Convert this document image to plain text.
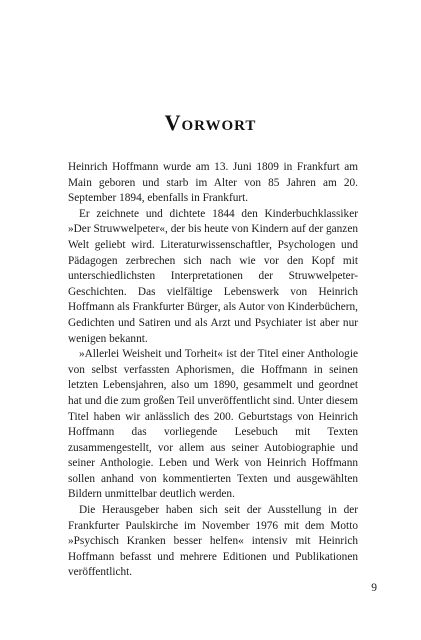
Vorwort

Heinrich Hoffmann wurde am 13. Juni 1809 in Frankfurt am Main geboren und starb im Alter von 85 Jahren am 20. September 1894, ebenfalls in Frankfurt.

Er zeichnete und dichtete 1844 den Kinderbuchklassiker »Der Struwwelpeter«, der bis heute von Kindern auf der ganzen Welt geliebt wird. Literaturwissenschaftler, Psychologen und Pädagogen zerbrechen sich nach wie vor den Kopf mit unterschiedlichsten Interpretationen der Struwwelpeter-Geschichten. Das vielfältige Lebenswerk von Heinrich Hoffmann als Frankfurter Bürger, als Autor von Kinderbüchern, Gedichten und Satiren und als Arzt und Psychiater ist aber nur wenigen bekannt.

»Allerlei Weisheit und Torheit« ist der Titel einer Anthologie von selbst verfassten Aphorismen, die Hoffmann in seinen letzten Lebensjahren, also um 1890, gesammelt und geordnet hat und die zum großen Teil unveröffentlicht sind. Unter diesem Titel haben wir anlässlich des 200. Geburtstags von Heinrich Hoffmann das vorliegende Lesebuch mit Texten zusammengestellt, vor allem aus seiner Autobiographie und seiner Anthologie. Leben und Werk von Heinrich Hoffmann sollen anhand von kommentierten Texten und ausgewählten Bildern unmittelbar deutlich werden.

Die Herausgeber haben sich seit der Ausstellung in der Frankfurter Paulskirche im November 1976 mit dem Motto »Psychisch Kranken besser helfen« intensiv mit Heinrich Hoffmann befasst und mehrere Editionen und Publikationen veröffentlicht.

9
